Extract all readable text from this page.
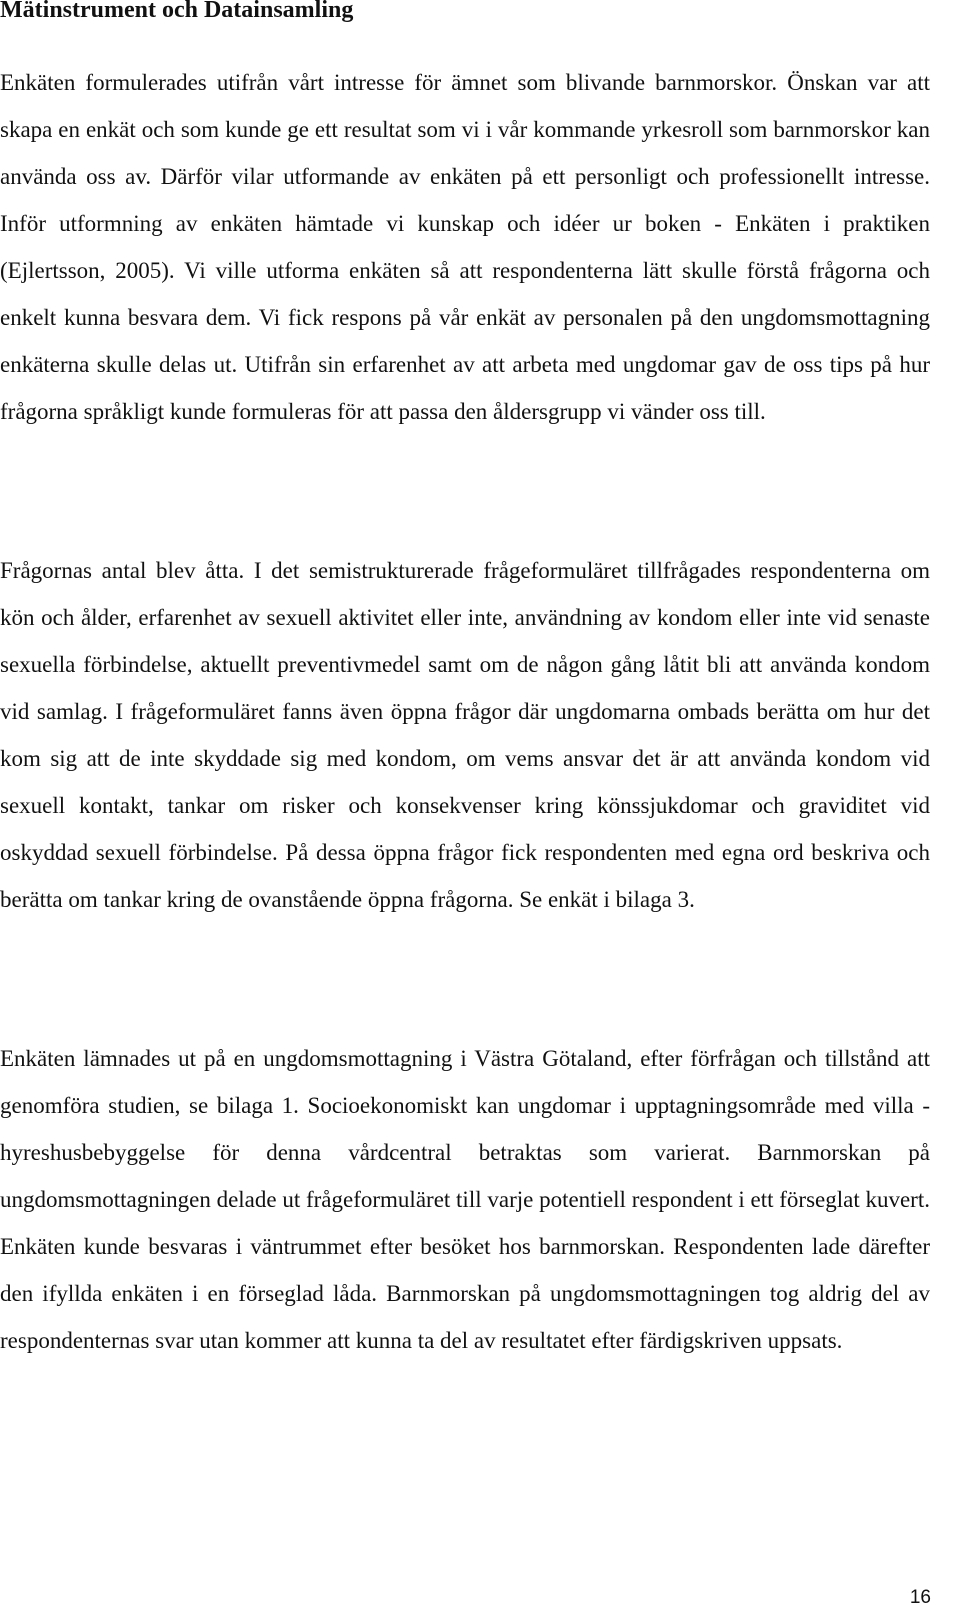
Mätinstrument och Datainsamling

Enkäten formulerades utifrån vårt intresse för ämnet som blivande barnmorskor. Önskan var att skapa en enkät och som kunde ge ett resultat som vi i vår kommande yrkesroll som barnmorskor kan använda oss av. Därför vilar utformande av enkäten på ett personligt och professionellt intresse. Inför utformning av enkäten hämtade vi kunskap och idéer ur boken - Enkäten i praktiken (Ejlertsson, 2005). Vi ville utforma enkäten så att respondenterna lätt skulle förstå frågorna och enkelt kunna besvara dem. Vi fick respons på vår enkät av personalen på den ungdomsmottagning enkäterna skulle delas ut. Utifrån sin erfarenhet av att arbeta med ungdomar gav de oss tips på hur frågorna språkligt kunde formuleras för att passa den åldersgrupp vi vänder oss till.

Frågornas antal blev åtta. I det semistrukturerade frågeformuläret tillfrågades respondenterna om kön och ålder, erfarenhet av sexuell aktivitet eller inte, användning av kondom eller inte vid senaste sexuella förbindelse, aktuellt preventivmedel samt om de någon gång låtit bli att använda kondom vid samlag. I frågeformuläret fanns även öppna frågor där ungdomarna ombads berätta om hur det kom sig att de inte skyddade sig med kondom, om vems ansvar det är att använda kondom vid sexuell kontakt, tankar om risker och konsekvenser kring könssjukdomar och graviditet vid oskyddad sexuell förbindelse. På dessa öppna frågor fick respondenten med egna ord beskriva och berätta om tankar kring de ovanstående öppna frågorna. Se enkät i bilaga 3.

Enkäten lämnades ut på en ungdomsmottagning i Västra Götaland, efter förfrågan och tillstånd att genomföra studien, se bilaga 1. Socioekonomiskt kan ungdomar i upptagningsområde med villa - hyreshusbebyggelse för denna vårdcentral betraktas som varierat. Barnmorskan på ungdomsmottagningen delade ut frågeformuläret till varje potentiell respondent i ett förseglat kuvert. Enkäten kunde besvaras i väntrummet efter besöket hos barnmorskan. Respondenten lade därefter den ifyllda enkäten i en förseglad låda. Barnmorskan på ungdomsmottagningen tog aldrig del av respondenternas svar utan kommer att kunna ta del av resultatet efter färdigskriven uppsats.

16
